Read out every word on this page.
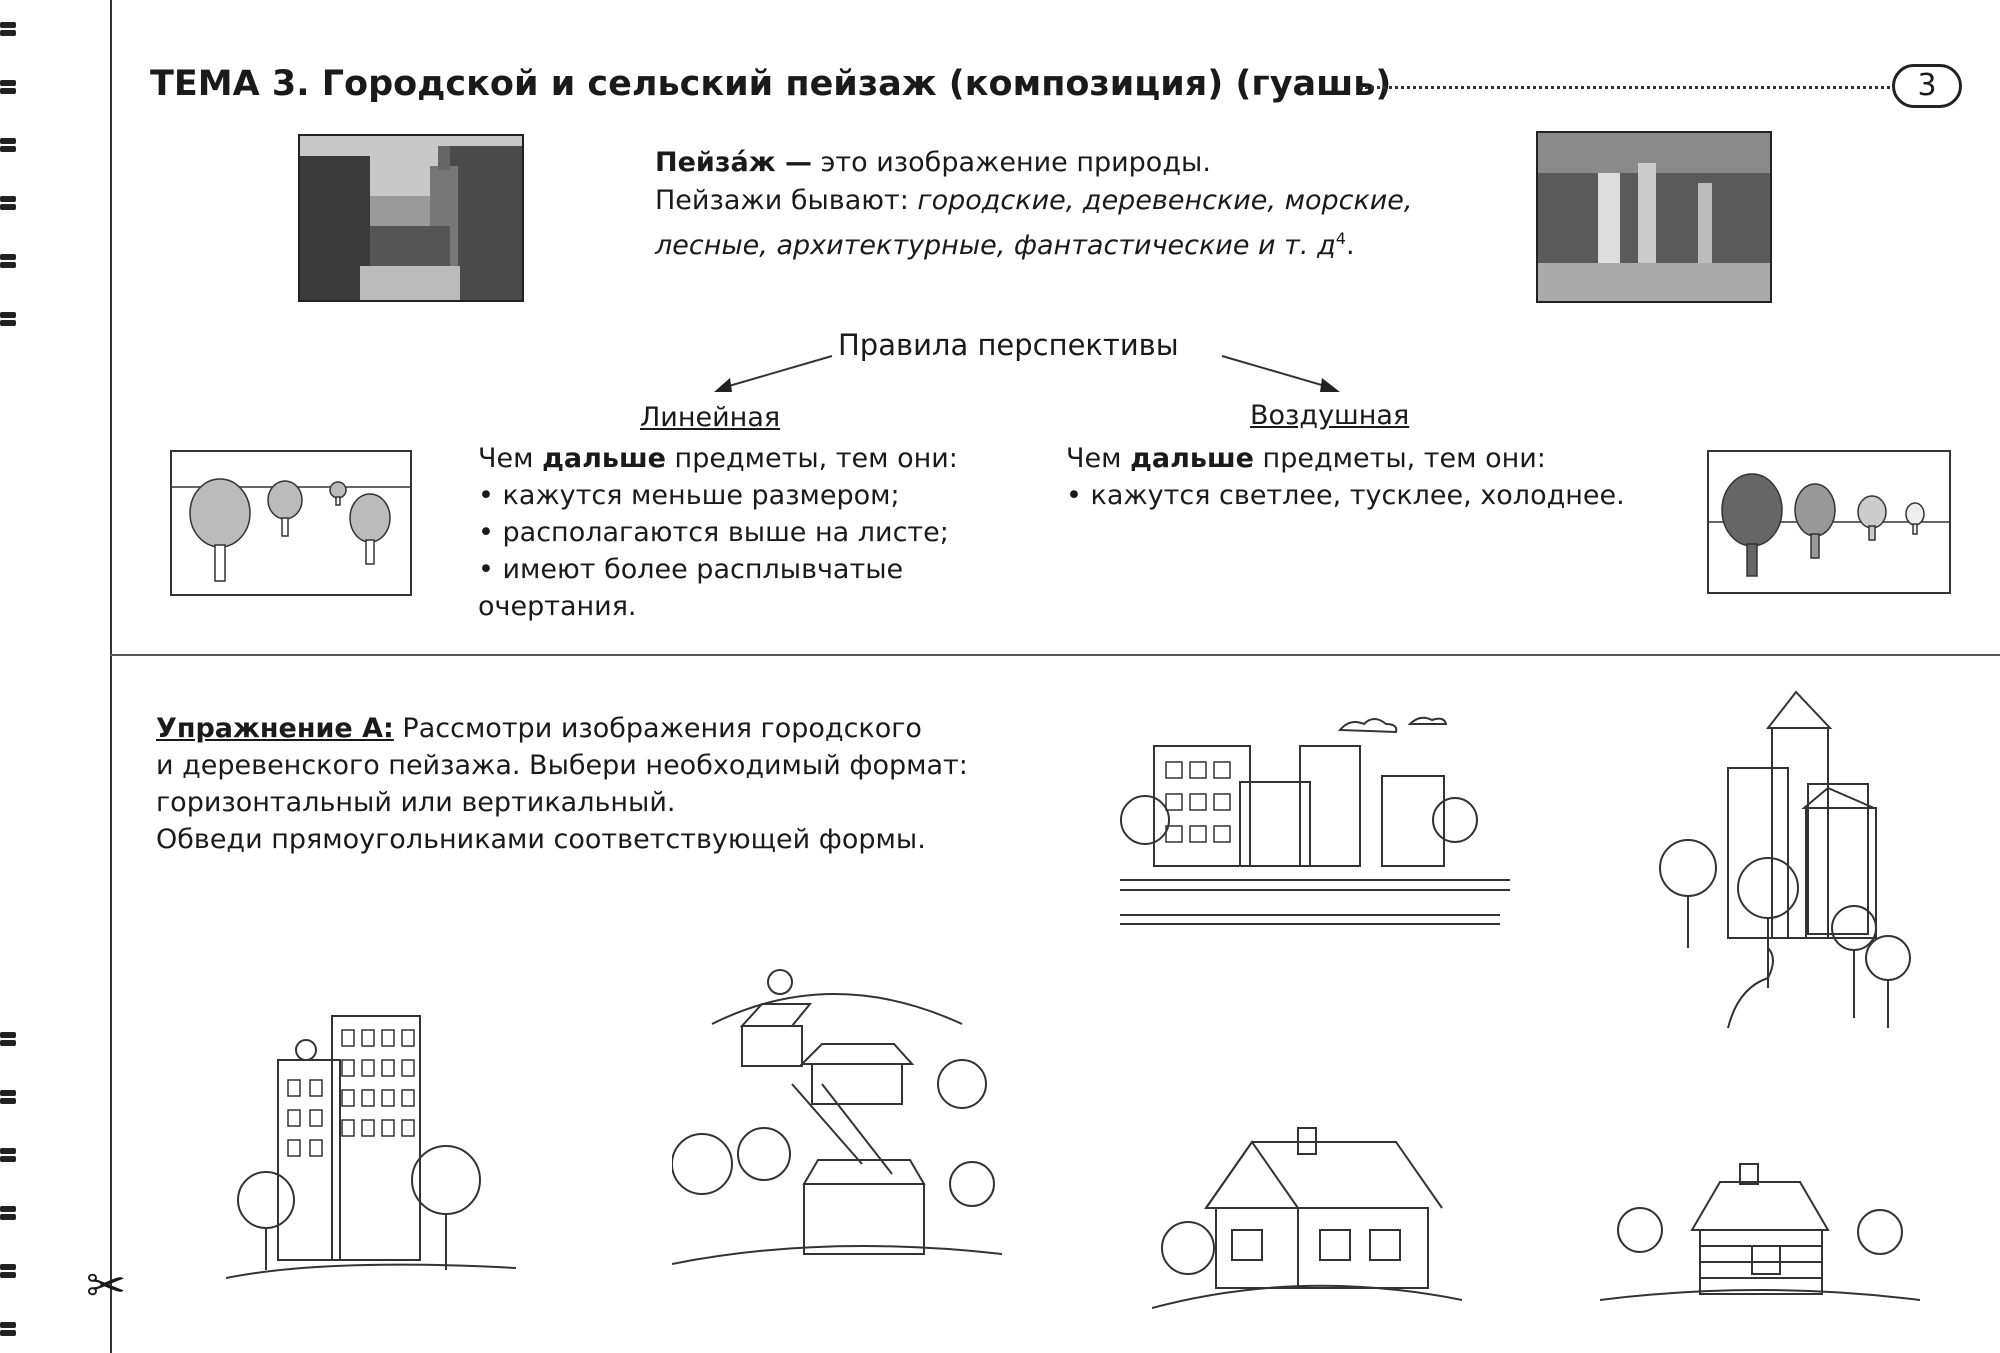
ТЕМА 3. Городской и сельский пейзаж (композиция) (гуашь)	3
Пейза́ж — это изображение природы.
Пейзажи бывают: городские, деревенские, морские, лесные, архитектурные, фантастические и т. $д^4$.
Правила перспективы
Линейная
Чем дальше предметы, тем они:
• кажутся меньше размером;
• располагаются выше на листе;
• имеют более расплывчатые
очертания.
Воздушная
Чем дальше предметы, тем они:
• кажутся светлее, тусклее, холоднее.
Упражнение А: Рассмотри изображения городского
и деревенского пейзажа. Выбери необходимый формат:
горизонтальный или вертикальный.
Обведи прямоугольниками соответствующей формы.
✂
